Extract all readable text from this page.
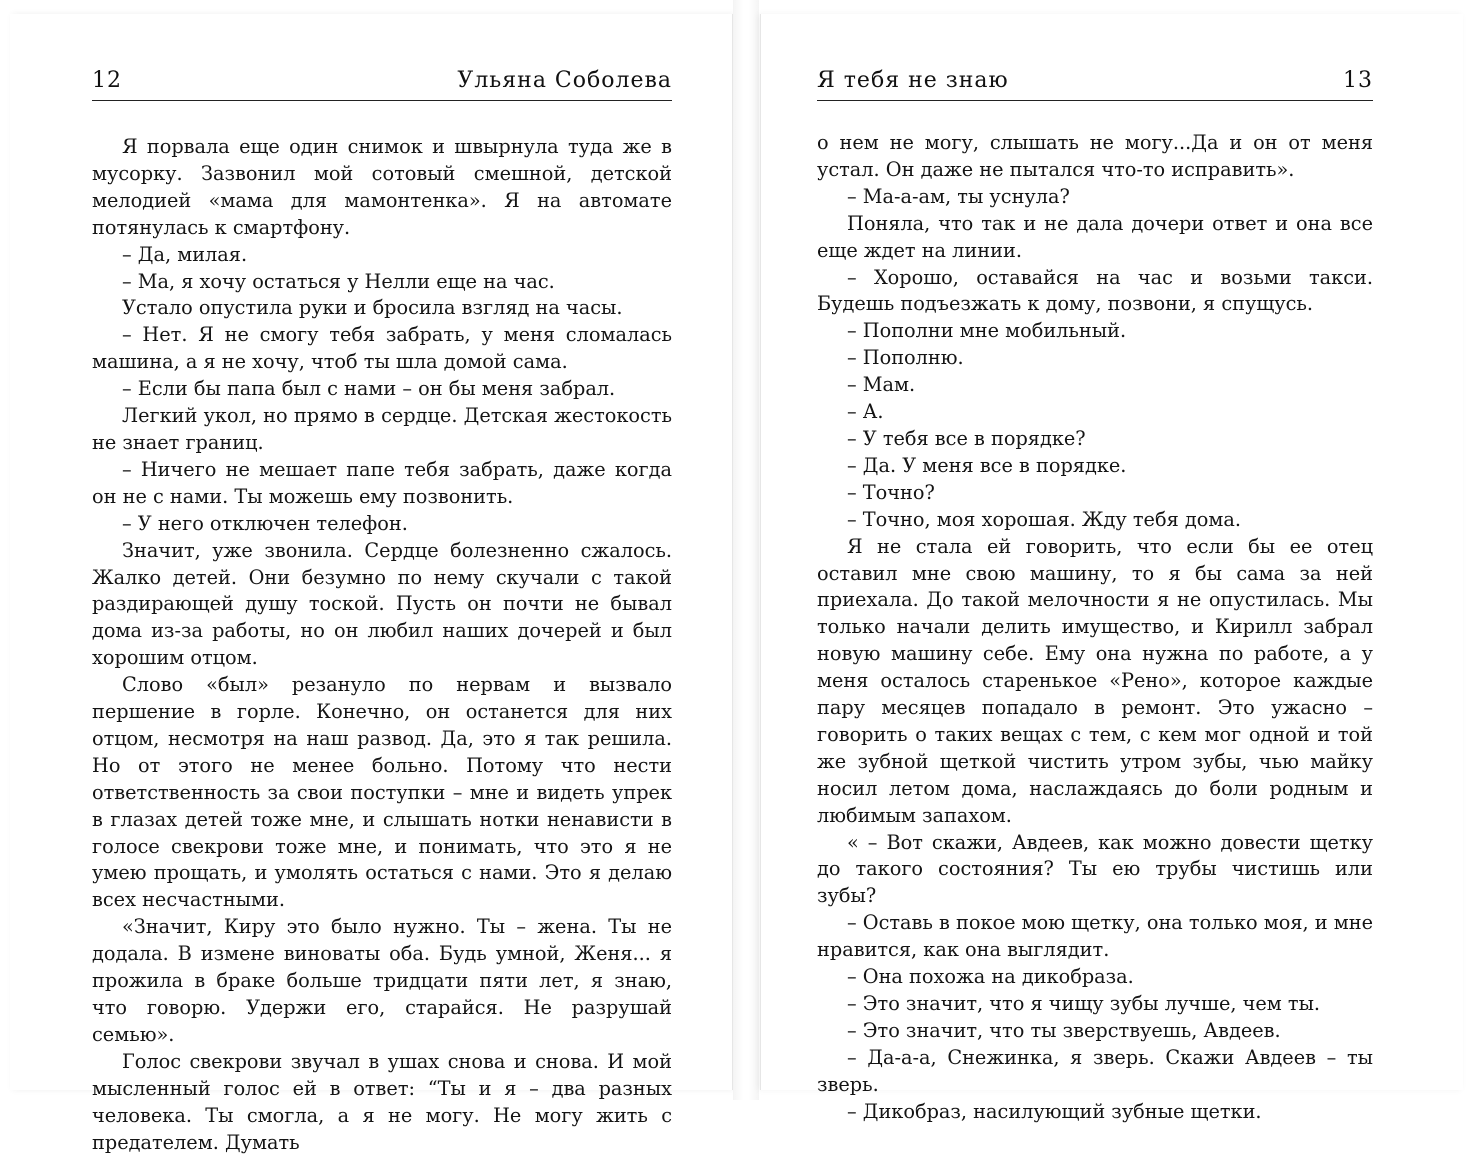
12	Ульяна Соболева

Я порвала еще один снимок и швырнула туда же в мусорку. Зазвонил мой сотовый смешной, детской мелодией «мама для мамонтенка». Я на автомате потянулась к смартфону.

– Да, милая.

– Ма, я хочу остаться у Нелли еще на час.

Устало опустила руки и бросила взгляд на часы.

– Нет. Я не смогу тебя забрать, у меня сломалась машина, а я не хочу, чтоб ты шла домой сама.

– Если бы папа был с нами – он бы меня забрал.

Легкий укол, но прямо в сердце. Детская жестокость не знает границ.

– Ничего не мешает папе тебя забрать, даже когда он не с нами. Ты можешь ему позвонить.

– У него отключен телефон.

Значит, уже звонила. Сердце болезненно сжалось. Жалко детей. Они безумно по нему скучали с такой раздирающей душу тоской. Пусть он почти не бывал дома из-за работы, но он любил наших дочерей и был хорошим отцом.

Слово «был» резануло по нервам и вызвало першение в горле. Конечно, он останется для них отцом, несмотря на наш развод. Да, это я так решила. Но от этого не менее больно. Потому что нести ответственность за свои поступки – мне и видеть упрек в глазах детей тоже мне, и слышать нотки ненависти в голосе свекрови тоже мне, и понимать, что это я не умею прощать, и умолять остаться с нами. Это я делаю всех несчастными.

«Значит, Киру это было нужно. Ты – жена. Ты не додала. В измене виноваты оба. Будь умной, Женя... я прожила в браке больше тридцати пяти лет, я знаю, что говорю. Удержи его, старайся. Не разрушай семью».

Голос свекрови звучал в ушах снова и снова. И мой мысленный голос ей в ответ: “Ты и я – два разных человека. Ты смогла, а я не могу. Не могу жить с предателем. Думать

Я тебя не знаю	13

о нем не могу, слышать не могу...Да и он от меня устал. Он даже не пытался что-то исправить».

– Ма-а-ам, ты уснула?

Поняла, что так и не дала дочери ответ и она все еще ждет на линии.

– Хорошо, оставайся на час и возьми такси. Будешь подъезжать к дому, позвони, я спущусь.

– Пополни мне мобильный.

– Пополню.

– Мам.

– А.

– У тебя все в порядке?

– Да. У меня все в порядке.

– Точно?

– Точно, моя хорошая. Жду тебя дома.

Я не стала ей говорить, что если бы ее отец оставил мне свою машину, то я бы сама за ней приехала. До такой мелочности я не опустилась. Мы только начали делить имущество, и Кирилл забрал новую машину себе. Ему она нужна по работе, а у меня осталось старенькое «Рено», которое каждые пару месяцев попадало в ремонт. Это ужасно – говорить о таких вещах с тем, с кем мог одной и той же зубной щеткой чистить утром зубы, чью майку носил летом дома, наслаждаясь до боли родным и любимым запахом.

« – Вот скажи, Авдеев, как можно довести щетку до такого состояния? Ты ею трубы чистишь или зубы?

– Оставь в покое мою щетку, она только моя, и мне нравится, как она выглядит.

– Она похожа на дикобраза.

– Это значит, что я чищу зубы лучше, чем ты.

– Это значит, что ты зверствуешь, Авдеев.

– Да-а-а, Снежинка, я зверь. Скажи Авдеев – ты зверь.

– Дикобраз, насилующий зубные щетки.
